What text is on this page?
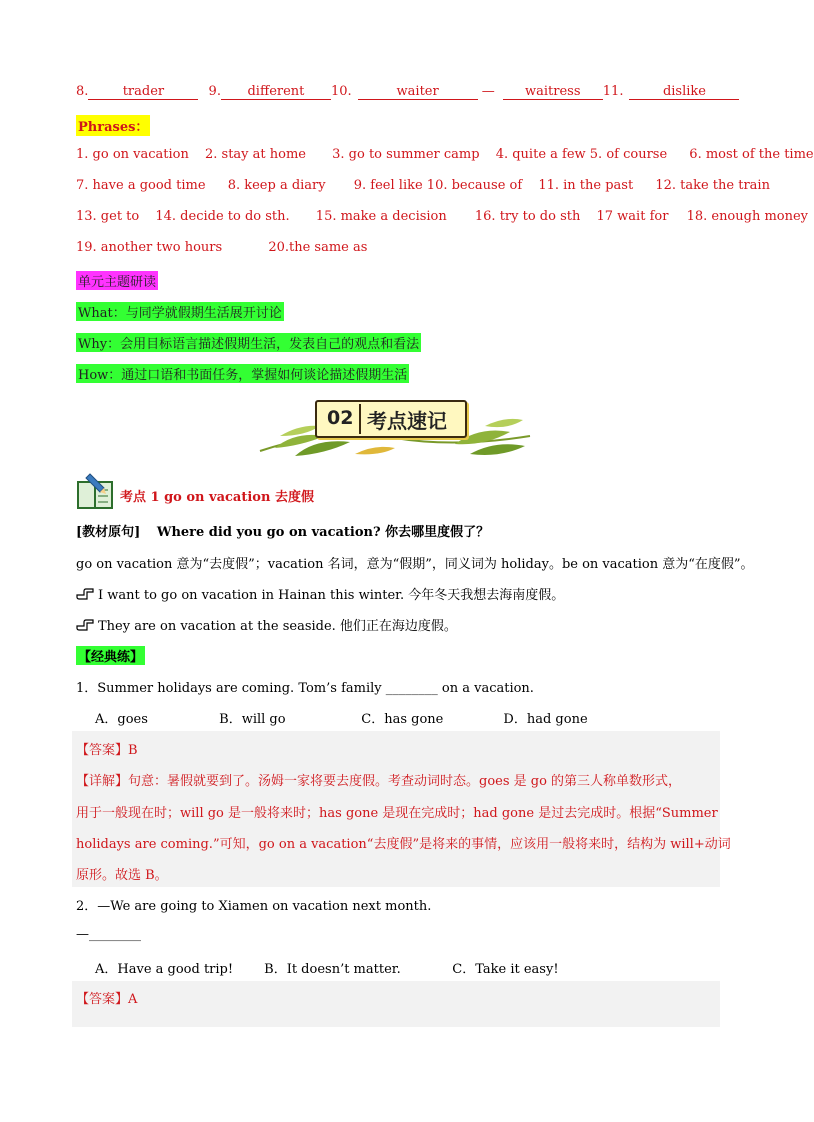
8.	trader	9. different 10.	waiter	— waitress 11.	dislike
Phrases：
1. go on vacation 2. stay at home 3. go to summer camp 4. quite a few 5. of course 6. most of the time
7. have a good time 8. keep a diary 9. feel like 10. because of 11. in the past 12. take the train
13. get to 14. decide to do sth. 15. make a decision 16. try to do sth 17 wait for 18. enough money
19. another two hours	20.the same as
单元主题研读
What：与同学就假期生活展开讨论
Why：会用目标语言描述假期生活，发表自己的观点和看法
How：通过口语和书面任务，掌握如何谈论描述假期生活
02 考点速记
考点 1 go on vacation 去度假
[教材原句] Where did you go on vacation? 你去哪里度假了？
go on vacation 意为“去度假”；vacation 名词，意为“假期”，同义词为 holiday。be on vacation 意为“在度假”。
I want to go on vacation in Hainan this winter. 今年冬天我想去海南度假。
They are on vacation at the seaside. 他们正在海边度假。
【经典练】
1．Summer holidays are coming. Tom’s family ________ on a vacation.
A．goes	B．will go	C．has gone	D．had gone
【答案】B
【详解】句意：暑假就要到了。汤姆一家将要去度假。考查动词时态。goes 是 go 的第三人称单数形式，
用于一般现在时；will go 是一般将来时；has gone 是现在完成时；had gone 是过去完成时。根据“Summer
holidays are coming.”可知，go on a vacation“去度假”是将来的事情，应该用一般将来时，结构为 will+动词
原形。故选 B。
2．—We are going to Xiamen on vacation next month.
—________
A．Have a good trip! B．It doesn’t matter.	C．Take it easy!
【答案】A
